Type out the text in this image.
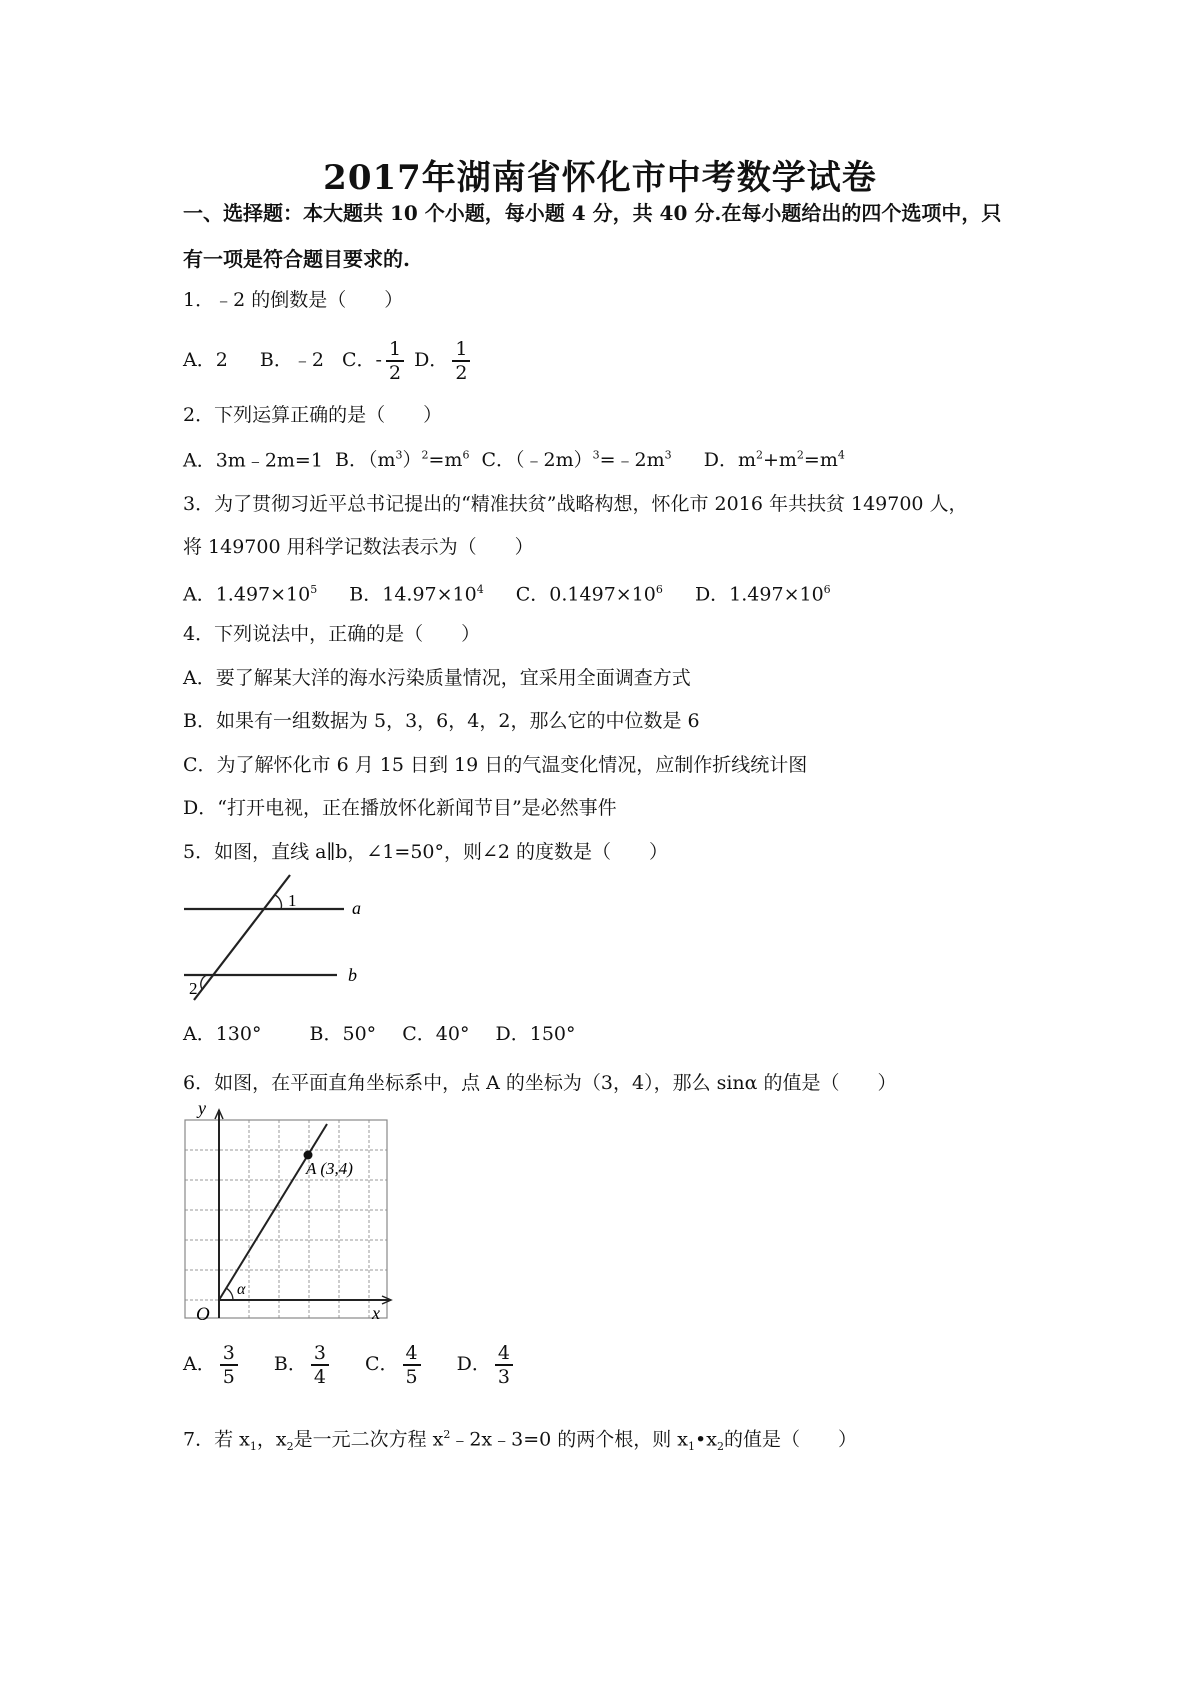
2017年湖南省怀化市中考数学试卷
一、选择题：本大题共 10 个小题，每小题 4 分，共 40 分.在每小题给出的四个选项中，只
有一项是符合题目要求的.
1．﹣2 的倒数是（　　）
A．2 B．﹣2 C．- $\frac{1}{2}$ D． $\frac{1}{2}$
2．下列运算正确的是（　　）
A．3m﹣2m=1 B．$(m^3)^2=m^6$ C．$(﹣2m)^3=﹣2m^3$ D．$m^2+m^2=m^4$
3．为了贯彻习近平总书记提出的“精准扶贫”战略构想，怀化市 2016 年共扶贫 149700 人，
将 149700 用科学记数法表示为（　　）
A．$1.497\times 10^5$ B．$14.97\times 10^4$ C．$0.1497\times 10^6$ D．$1.497\times 10^6$
4．下列说法中，正确的是（　　）
A．要了解某大洋的海水污染质量情况，宜采用全面调查方式
B．如果有一组数据为 5，3，6，4，2，那么它的中位数是 6
C．为了解怀化市 6 月 15 日到 19 日的气温变化情况，应制作折线统计图
D．“打开电视，正在播放怀化新闻节目”是必然事件
5．如图，直线 a∥b，∠1=50°，则∠2 的度数是（　　）
1
2
a
b
A．130°	B．50° C．40° D．150°
6．如图，在平面直角坐标系中，点 A 的坐标为（3，4），那么 sinα 的值是（　　）
y
x
O
α
A (3,4)
A． $\frac{3}{5}$ B． $\frac{3}{4}$ C． $\frac{4}{5}$ D． $\frac{4}{3}$
7．若 $x_1$，$x_2$是一元二次方程 $x^2﹣2x﹣3=0$ 的两个根，则 $x_1•x_2$的值是（　　）
